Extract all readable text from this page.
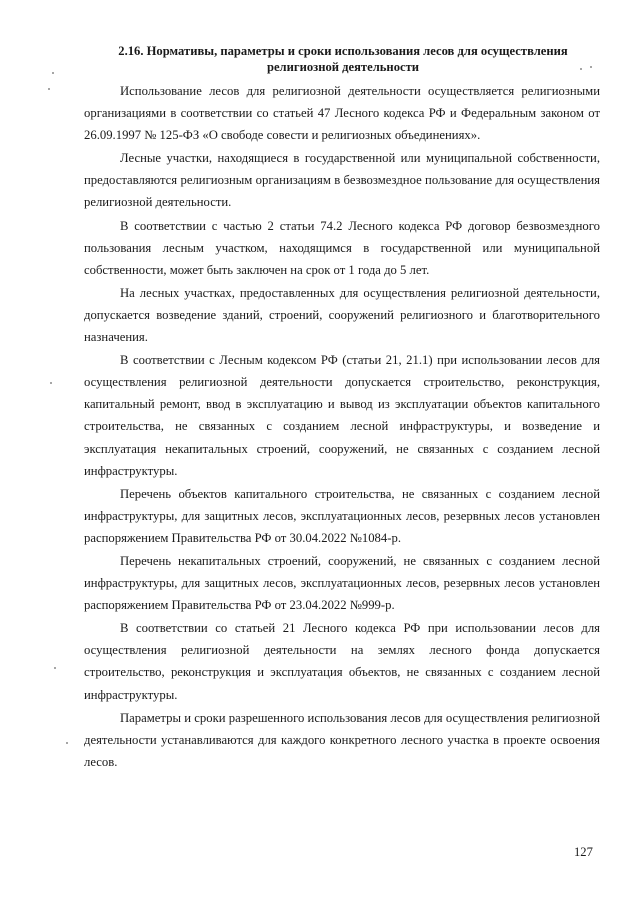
2.16. Нормативы, параметры и сроки использования лесов для осуществления религиозной деятельности

Использование лесов для религиозной деятельности осуществляется религиозными организациями в соответствии со статьей 47 Лесного кодекса РФ и Федеральным законом от 26.09.1997 № 125-ФЗ «О свободе совести и религиозных объединениях».

Лесные участки, находящиеся в государственной или муниципальной собственности, предоставляются религиозным организациям в безвозмездное пользование для осуществления религиозной деятельности.

В соответствии с частью 2 статьи 74.2 Лесного кодекса РФ договор безвозмездного пользования лесным участком, находящимся в государственной или муниципальной собственности, может быть заключен на срок от 1 года до 5 лет.

На лесных участках, предоставленных для осуществления религиозной деятельности, допускается возведение зданий, строений, сооружений религиозного и благотворительного назначения.

В соответствии с Лесным кодексом РФ (статьи 21, 21.1) при использовании лесов для осуществления религиозной деятельности допускается строительство, реконструкция, капитальный ремонт, ввод в эксплуатацию и вывод из эксплуатации объектов капитального строительства, не связанных с созданием лесной инфраструктуры, и возведение и эксплуатация некапитальных строений, сооружений, не связанных с созданием лесной инфраструктуры.

Перечень объектов капитального строительства, не связанных с созданием лесной инфраструктуры, для защитных лесов, эксплуатационных лесов, резервных лесов установлен распоряжением Правительства РФ от 30.04.2022 №1084-р.

Перечень некапитальных строений, сооружений, не связанных с созданием лесной инфраструктуры, для защитных лесов, эксплуатационных лесов, резервных лесов установлен распоряжением Правительства РФ от 23.04.2022 №999-р.

В соответствии со статьей 21 Лесного кодекса РФ при использовании лесов для осуществления религиозной деятельности на землях лесного фонда допускается строительство, реконструкция и эксплуатация объектов, не связанных с созданием лесной инфраструктуры.

Параметры и сроки разрешенного использования лесов для осуществления религиозной деятельности устанавливаются для каждого конкретного лесного участка в проекте освоения лесов.

127
